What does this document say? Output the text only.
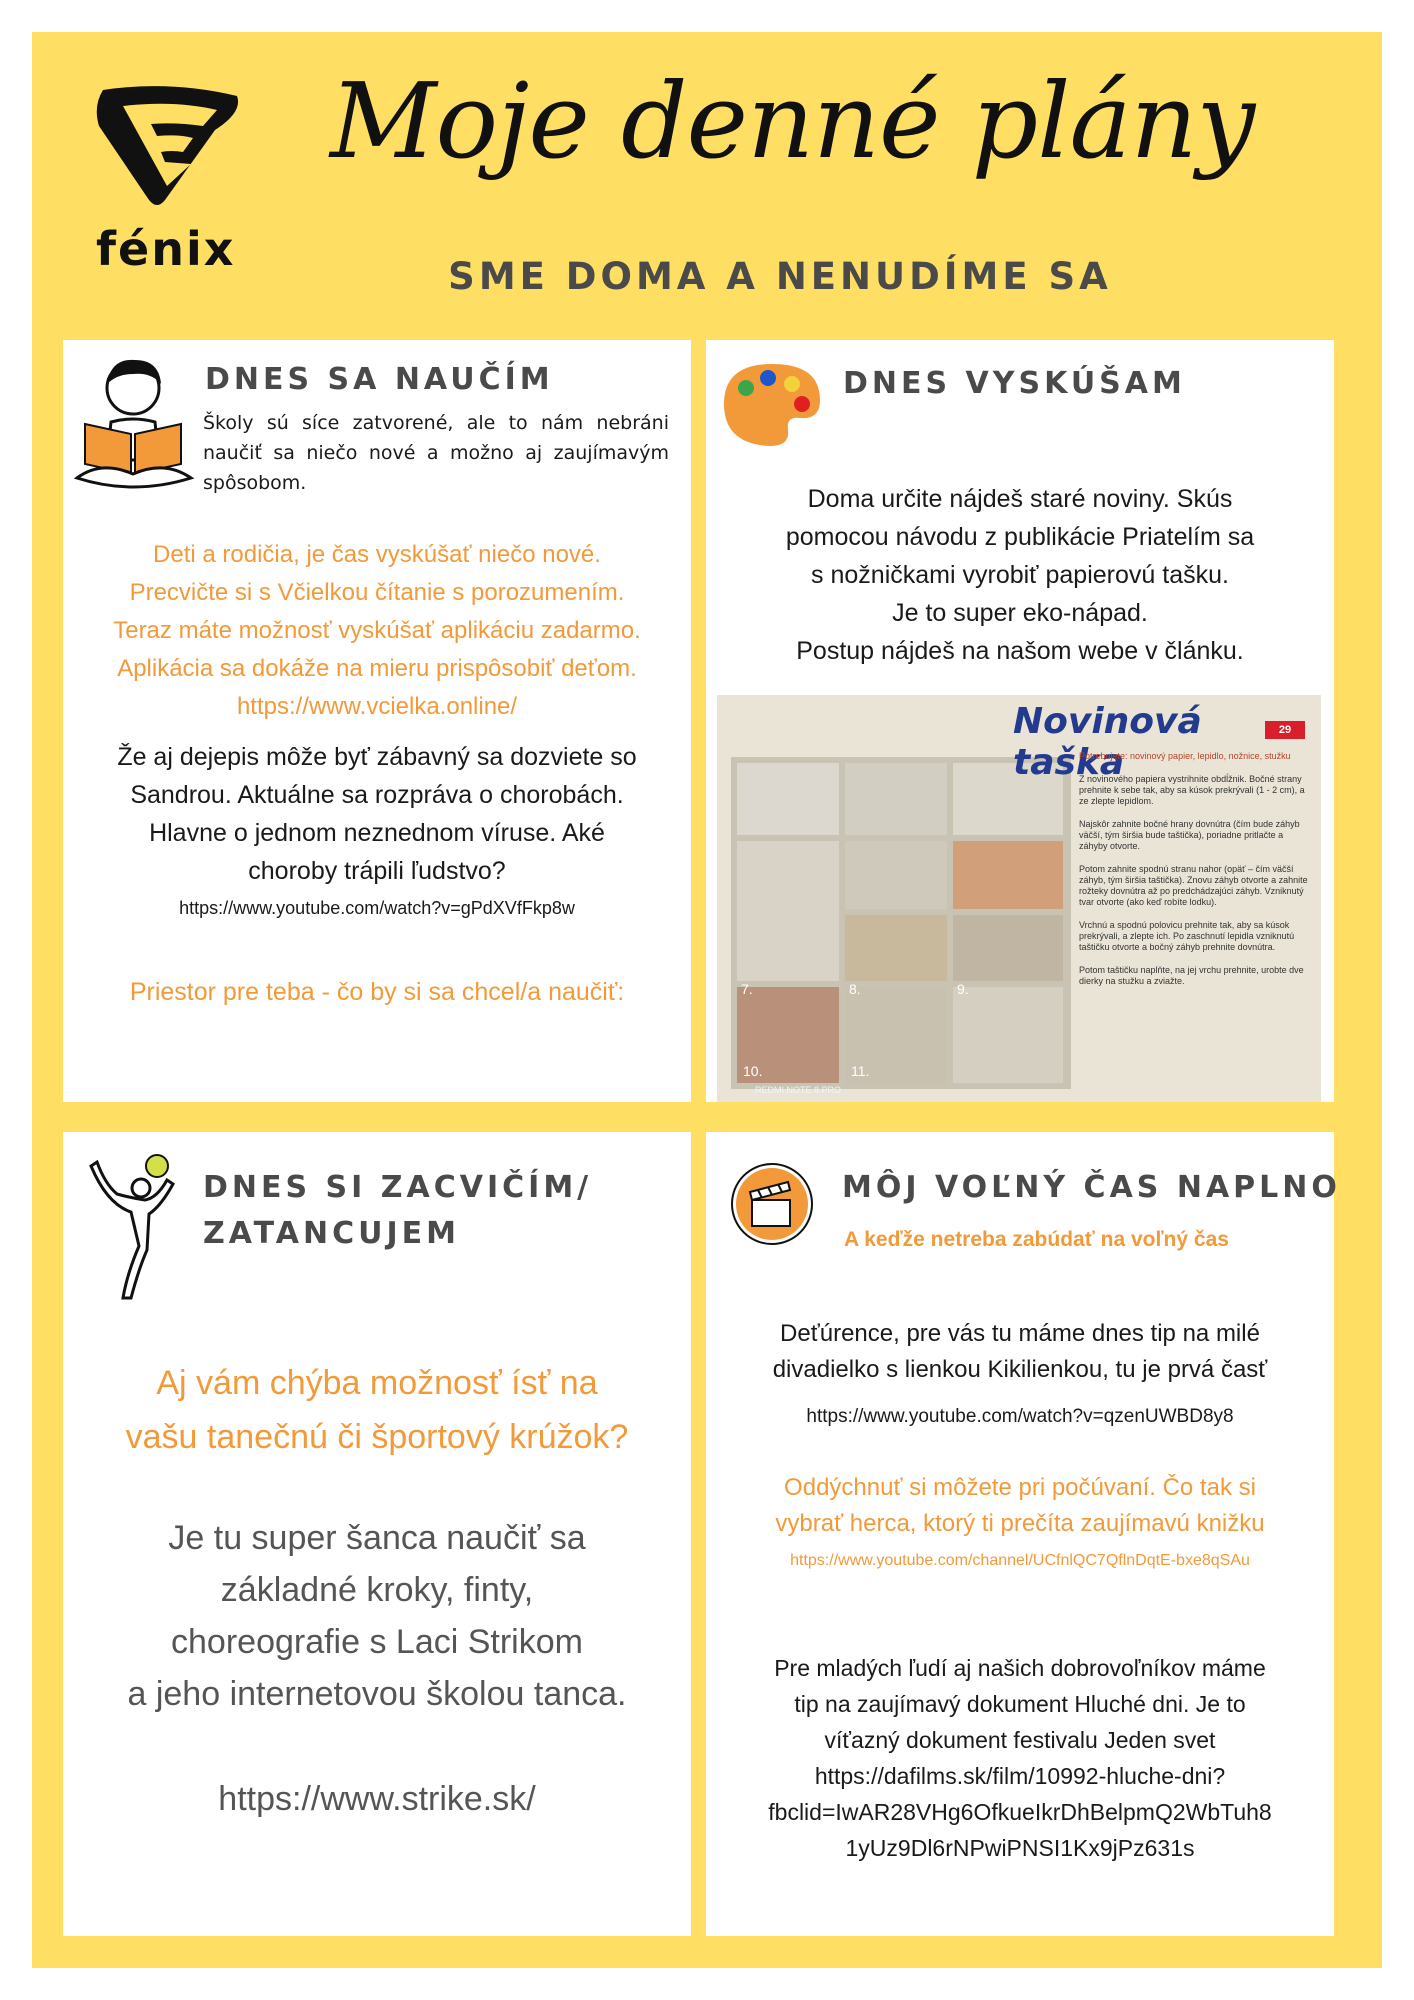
fénix
Moje denné plány
SME DOMA A NENUDÍME SA
DNES SA NAUČÍM
Školy sú síce zatvorené, ale to nám nebráni naučiť sa niečo nové a možno aj zaujímavým spôsobom.
Deti a rodičia, je čas vyskúšať niečo nové.
Precvičte si s Včielkou čítanie s porozumením.
Teraz máte možnosť vyskúšať aplikáciu zadarmo.
Aplikácia sa dokáže na mieru prispôsobiť deťom.
https://www.vcielka.online/
Že aj dejepis môže byť zábavný sa dozviete so
Sandrou. Aktuálne sa rozpráva o chorobách.
Hlavne o jednom neznednom víruse. Aké
choroby trápili ľudstvo?
https://www.youtube.com/watch?v=gPdXVfFkp8w
Priestor pre teba - čo by si sa chcel/a naučiť:
DNES VYSKÚŠAM
Doma určite nájdeš staré noviny. Skús
pomocou návodu z publikácie Priatelím sa
s nožničkami vyrobiť papierovú tašku.
Je to super eko-nápad.
Postup nájdeš na našom webe v článku.
7.	8.	9.
10.	11.
Novinová taška
29
Potrebujete: novinový papier, lepidlo, nožnice, stužku
Z novinového papiera vystrihnite obdĺžnik. Bočné strany prehnite k sebe tak, aby sa kúsok prekrývali (1 - 2 cm), a ze zlepte lepidlom.
Najskôr zahnite bočné hrany dovnútra (čím bude záhyb väčší, tým širšia bude taštička), poriadne pritlačte a záhyby otvorte.
Potom zahnite spodnú stranu nahor (opäť – čím väčší záhyb, tým širšia taštička). Znovu záhyb otvorte a zahnite rožteky dovnútra až po predchádzajúci záhyb. Vzniknutý tvar otvorte (ako keď robíte lodku).
Vrchnú a spodnú polovicu prehnite tak, aby sa kúsok prekrývali, a zlepte ich. Po zaschnutí lepidla vzniknutú taštičku otvorte a bočný záhyb prehnite dovnútra.
Potom taštičku naplňte, na jej vrchu prehnite, urobte dve dierky na stužku a zviažte.
REDMI NOTE 8 PRO
DNES SI ZACVIČÍM/
ZATANCUJEM
Aj vám chýba možnosť ísť na
vašu tanečnú či športový krúžok?
Je tu super šanca naučiť sa
základné kroky, finty,
choreografie s Laci Strikom
a jeho internetovou školou tanca.
https://www.strike.sk/
MÔJ VOĽNÝ ČAS NAPLNO
A keďže netreba zabúdať na voľný čas
Deťúrence, pre vás tu máme dnes tip na milé
divadielko s lienkou Kikilienkou, tu je prvá časť
https://www.youtube.com/watch?v=qzenUWBD8y8
Oddýchnuť si môžete pri počúvaní. Čo tak si
vybrať herca, ktorý ti prečíta zaujímavú knižku
https://www.youtube.com/channel/UCfnlQC7QflnDqtE-bxe8qSAu
Pre mladých ľudí aj našich dobrovoľníkov máme
tip na zaujímavý dokument Hluché dni. Je to
víťazný dokument festivalu Jeden svet
https://dafilms.sk/film/10992-hluche-dni?
fbclid=IwAR28VHg6OfkueIkrDhBelpmQ2WbTuh8
1yUz9Dl6rNPwiPNSI1Kx9jPz631s
